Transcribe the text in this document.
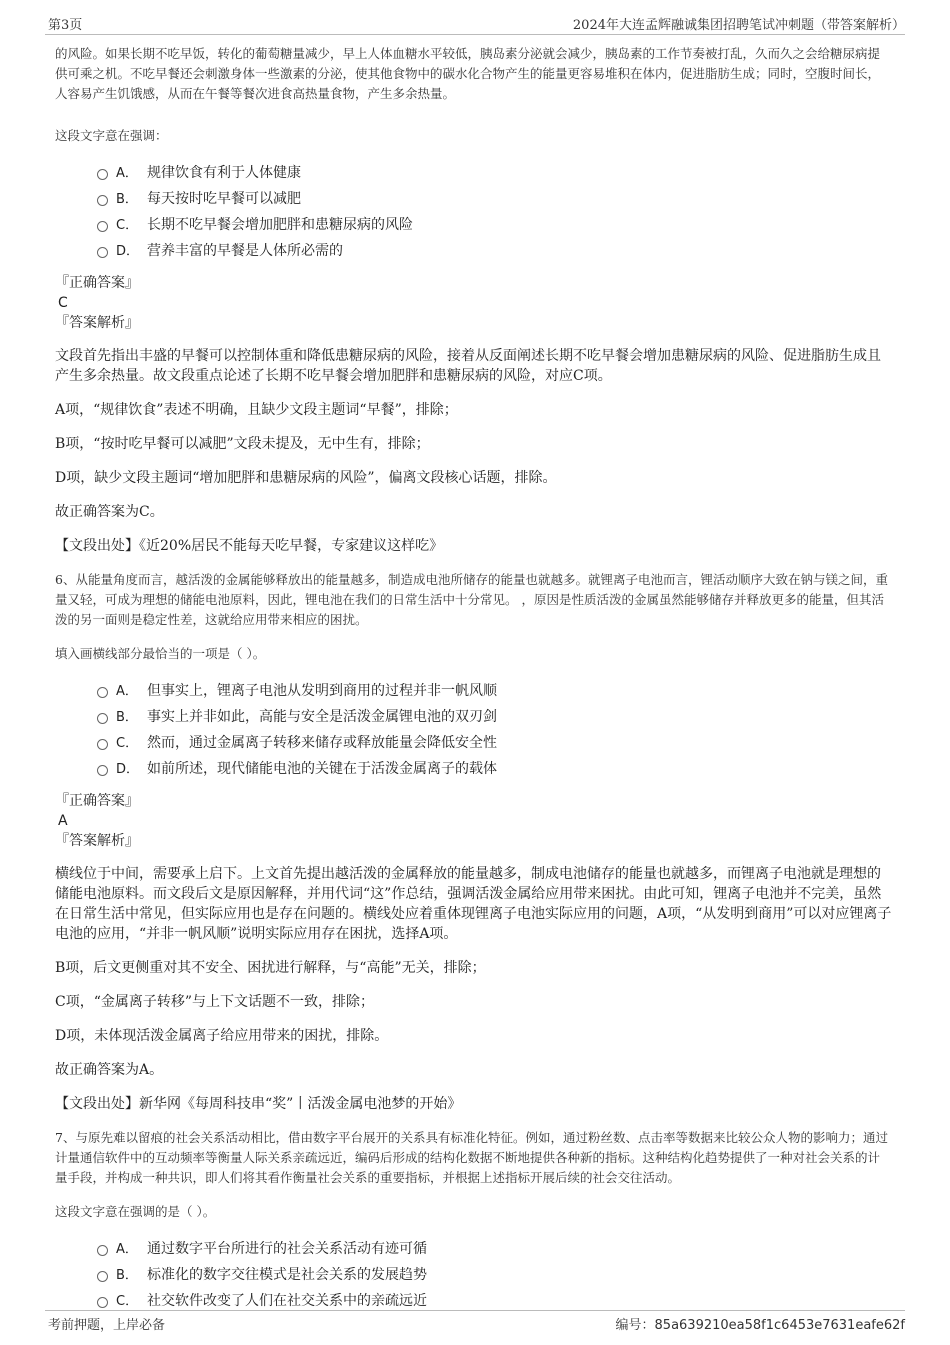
第3页	2024年大连孟辉融诚集团招聘笔试冲刺题（带答案解析）

的风险。如果长期不吃早饭，转化的葡萄糖量减少，早上人体血糖水平较低，胰岛素分泌就会减少，胰岛素的工作节奏被打乱，久而久之会给糖尿病提供可乘之机。不吃早餐还会刺激身体一些激素的分泌，使其他食物中的碳水化合物产生的能量更容易堆积在体内，促进脂肪生成；同时，空腹时间长，人容易产生饥饿感，从而在午餐等餐次进食高热量食物，产生多余热量。

这段文字意在强调：

A． 规律饮食有利于人体健康
B． 每天按时吃早餐可以减肥
C． 长期不吃早餐会增加肥胖和患糖尿病的风险
D． 营养丰富的早餐是人体所必需的

『正确答案』

C

『答案解析』

文段首先指出丰盛的早餐可以控制体重和降低患糖尿病的风险，接着从反面阐述长期不吃早餐会增加患糖尿病的风险、促进脂肪生成且产生多余热量。故文段重点论述了长期不吃早餐会增加肥胖和患糖尿病的风险，对应C项。

A项，“规律饮食”表述不明确，且缺少文段主题词“早餐”，排除；

B项，“按时吃早餐可以减肥”文段未提及，无中生有，排除；

D项，缺少文段主题词“增加肥胖和患糖尿病的风险”，偏离文段核心话题，排除。

故正确答案为C。

【文段出处】《近20%居民不能每天吃早餐，专家建议这样吃》

6、从能量角度而言，越活泼的金属能够释放出的能量越多，制造成电池所储存的能量也就越多。就锂离子电池而言，锂活动顺序大致在钠与镁之间，重量又轻，可成为理想的储能电池原料，因此，锂电池在我们的日常生活中十分常见。 ，原因是性质活泼的金属虽然能够储存并释放更多的能量，但其活泼的另一面则是稳定性差，这就给应用带来相应的困扰。

填入画横线部分最恰当的一项是（ ）。

A． 但事实上，锂离子电池从发明到商用的过程并非一帆风顺
B． 事实上并非如此，高能与安全是活泼金属锂电池的双刃剑
C． 然而，通过金属离子转移来储存或释放能量会降低安全性
D． 如前所述，现代储能电池的关键在于活泼金属离子的载体

『正确答案』

A

『答案解析』

横线位于中间，需要承上启下。上文首先提出越活泼的金属释放的能量越多，制成电池储存的能量也就越多，而锂离子电池就是理想的储能电池原料。而文段后文是原因解释，并用代词“这”作总结，强调活泼金属给应用带来困扰。由此可知，锂离子电池并不完美，虽然在日常生活中常见，但实际应用也是存在问题的。横线处应着重体现锂离子电池实际应用的问题，A项，“从发明到商用”可以对应锂离子电池的应用，“并非一帆风顺”说明实际应用存在困扰，选择A项。

B项，后文更侧重对其不安全、困扰进行解释，与“高能”无关，排除；

C项，“金属离子转移”与上下文话题不一致，排除；

D项，未体现活泼金属离子给应用带来的困扰，排除。

故正确答案为A。

【文段出处】新华网《每周科技串“奖”丨活泼金属电池梦的开始》

7、与原先难以留痕的社会关系活动相比，借由数字平台展开的关系具有标准化特征。例如，通过粉丝数、点击率等数据来比较公众人物的影响力；通过计量通信软件中的互动频率等衡量人际关系亲疏远近，编码后形成的结构化数据不断地提供各种新的指标。这种结构化趋势提供了一种对社会关系的计量手段，并构成一种共识，即人们将其看作衡量社会关系的重要指标，并根据上述指标开展后续的社会交往活动。

这段文字意在强调的是（ ）。

A． 通过数字平台所进行的社会关系活动有迹可循
B． 标准化的数字交往模式是社会关系的发展趋势
C． 社交软件改变了人们在社交关系中的亲疏远近
考前押题，上岸必备	编号：85a639210ea58f1c6453e7631eafe62f
